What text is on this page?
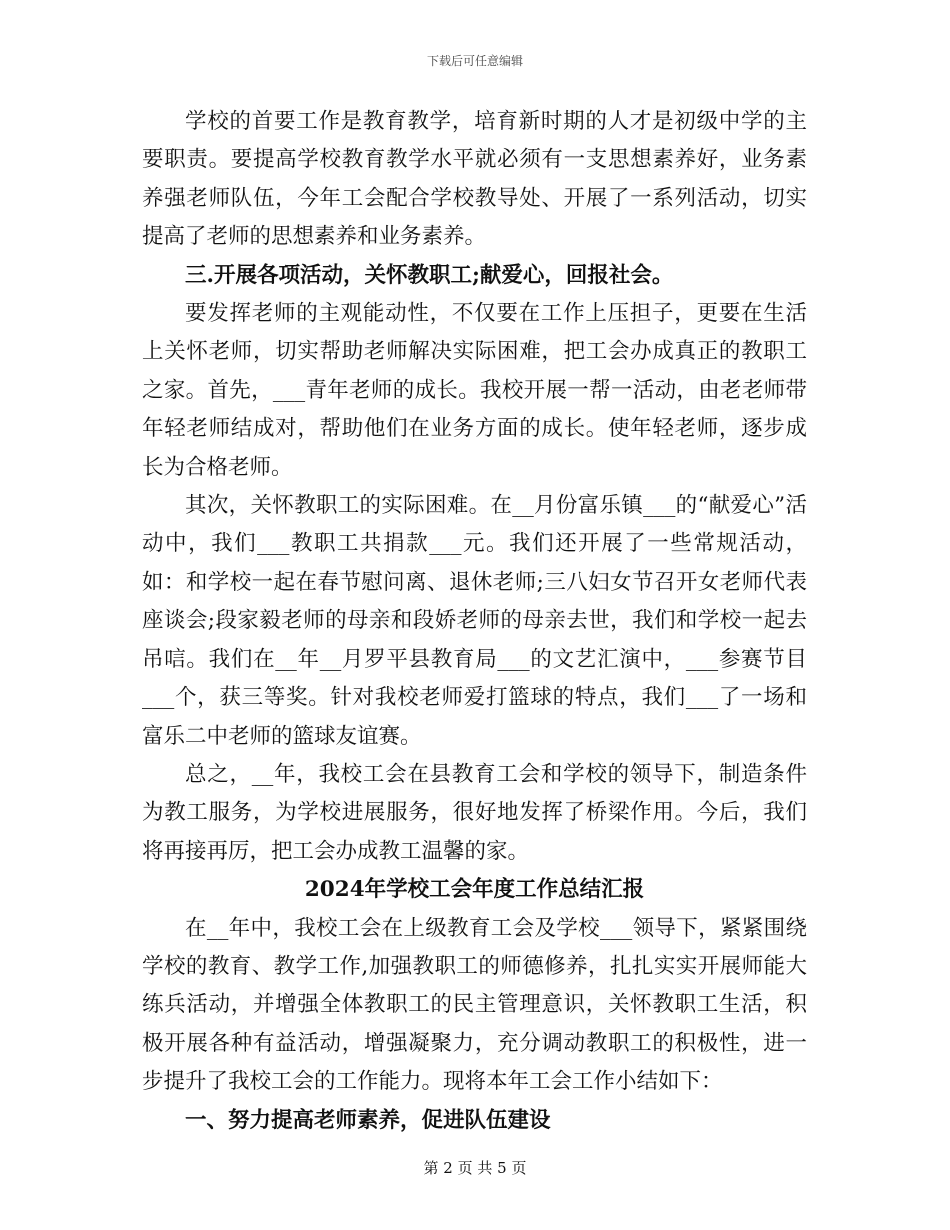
下载后可任意编辑

学校的首要工作是教育教学，培育新时期的人才是初级中学的主要职责。要提高学校教育教学水平就必须有一支思想素养好，业务素养强老师队伍，今年工会配合学校教导处、开展了一系列活动，切实提高了老师的思想素养和业务素养。

三.开展各项活动，关怀教职工;献爱心，回报社会。

要发挥老师的主观能动性，不仅要在工作上压担子，更要在生活上关怀老师，切实帮助老师解决实际困难，把工会办成真正的教职工之家。首先，___青年老师的成长。我校开展一帮一活动，由老老师带年轻老师结成对，帮助他们在业务方面的成长。使年轻老师，逐步成长为合格老师。

其次，关怀教职工的实际困难。在__月份富乐镇___的“献爱心”活动中，我们___教职工共捐款___元。我们还开展了一些常规活动，如：和学校一起在春节慰问离、退休老师;三八妇女节召开女老师代表座谈会;段家毅老师的母亲和段娇老师的母亲去世，我们和学校一起去吊唁。我们在__年__月罗平县教育局___的文艺汇演中，___参赛节目___个，获三等奖。针对我校老师爱打篮球的特点，我们___了一场和富乐二中老师的篮球友谊赛。

总之，__年，我校工会在县教育工会和学校的领导下，制造条件为教工服务，为学校进展服务，很好地发挥了桥梁作用。今后，我们将再接再厉，把工会办成教工温馨的家。

2024年学校工会年度工作总结汇报

在__年中，我校工会在上级教育工会及学校___领导下，紧紧围绕学校的教育、教学工作,加强教职工的师德修养，扎扎实实开展师能大练兵活动，并增强全体教职工的民主管理意识，关怀教职工生活，积极开展各种有益活动，增强凝聚力，充分调动教职工的积极性，进一步提升了我校工会的工作能力。现将本年工会工作小结如下：

一、努力提高老师素养，促进队伍建设

第 2 页 共 5 页
